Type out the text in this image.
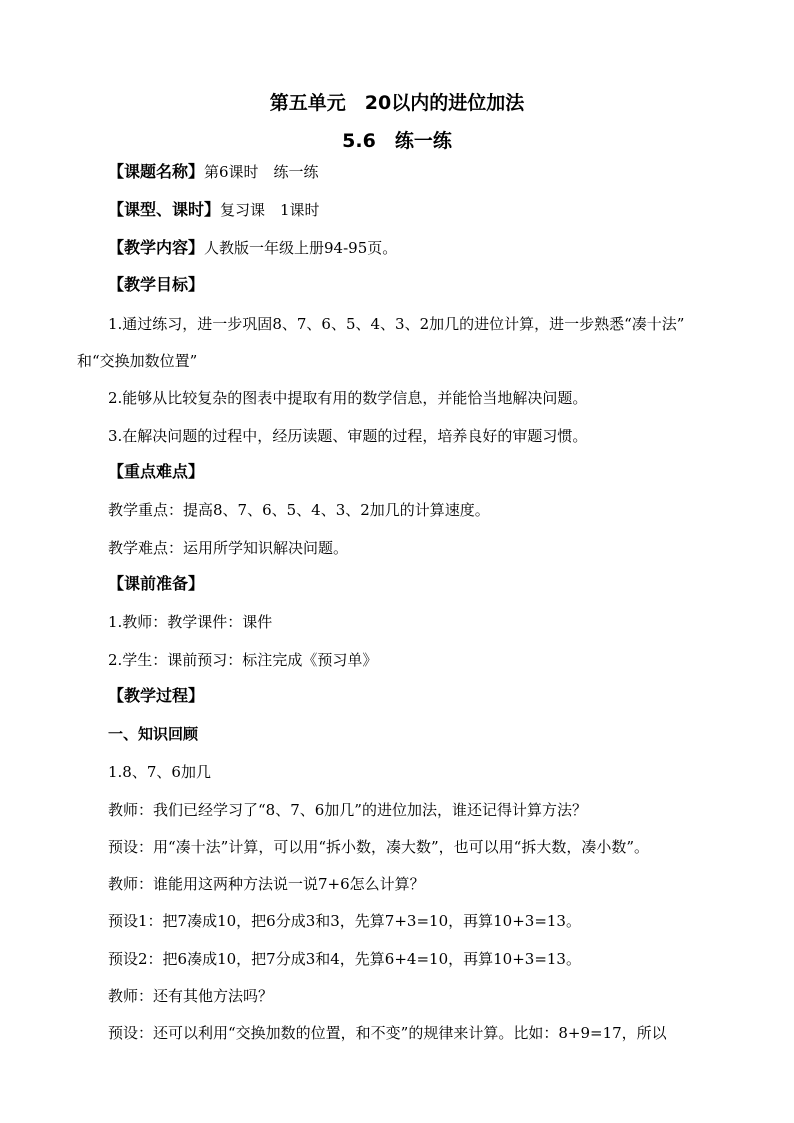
第五单元　20以内的进位加法
5.6　练一练
【课题名称】第6课时　练一练
【课型、课时】复习课　1课时
【教学内容】人教版一年级上册94-95页。
【教学目标】
1.通过练习，进一步巩固8、7、6、5、4、3、2加几的进位计算，进一步熟悉“凑十法”
和“交换加数位置”
2.能够从比较复杂的图表中提取有用的数学信息，并能恰当地解决问题。
3.在解决问题的过程中，经历读题、审题的过程，培养良好的审题习惯。
【重点难点】
教学重点：提高8、7、6、5、4、3、2加几的计算速度。
教学难点：运用所学知识解决问题。
【课前准备】
1.教师：教学课件：课件
2.学生：课前预习：标注完成《预习单》
【教学过程】
一、知识回顾
1.8、7、6加几
教师：我们已经学习了“8、7、6加几”的进位加法，谁还记得计算方法？
预设：用“凑十法”计算，可以用“拆小数，凑大数”，也可以用“拆大数，凑小数”。
教师：谁能用这两种方法说一说7+6怎么计算？
预设1：把7凑成10，把6分成3和3，先算7+3=10，再算10+3=13。
预设2：把6凑成10，把7分成3和4，先算6+4=10，再算10+3=13。
教师：还有其他方法吗？
预设：还可以利用“交换加数的位置，和不变”的规律来计算。比如：8+9=17，所以
